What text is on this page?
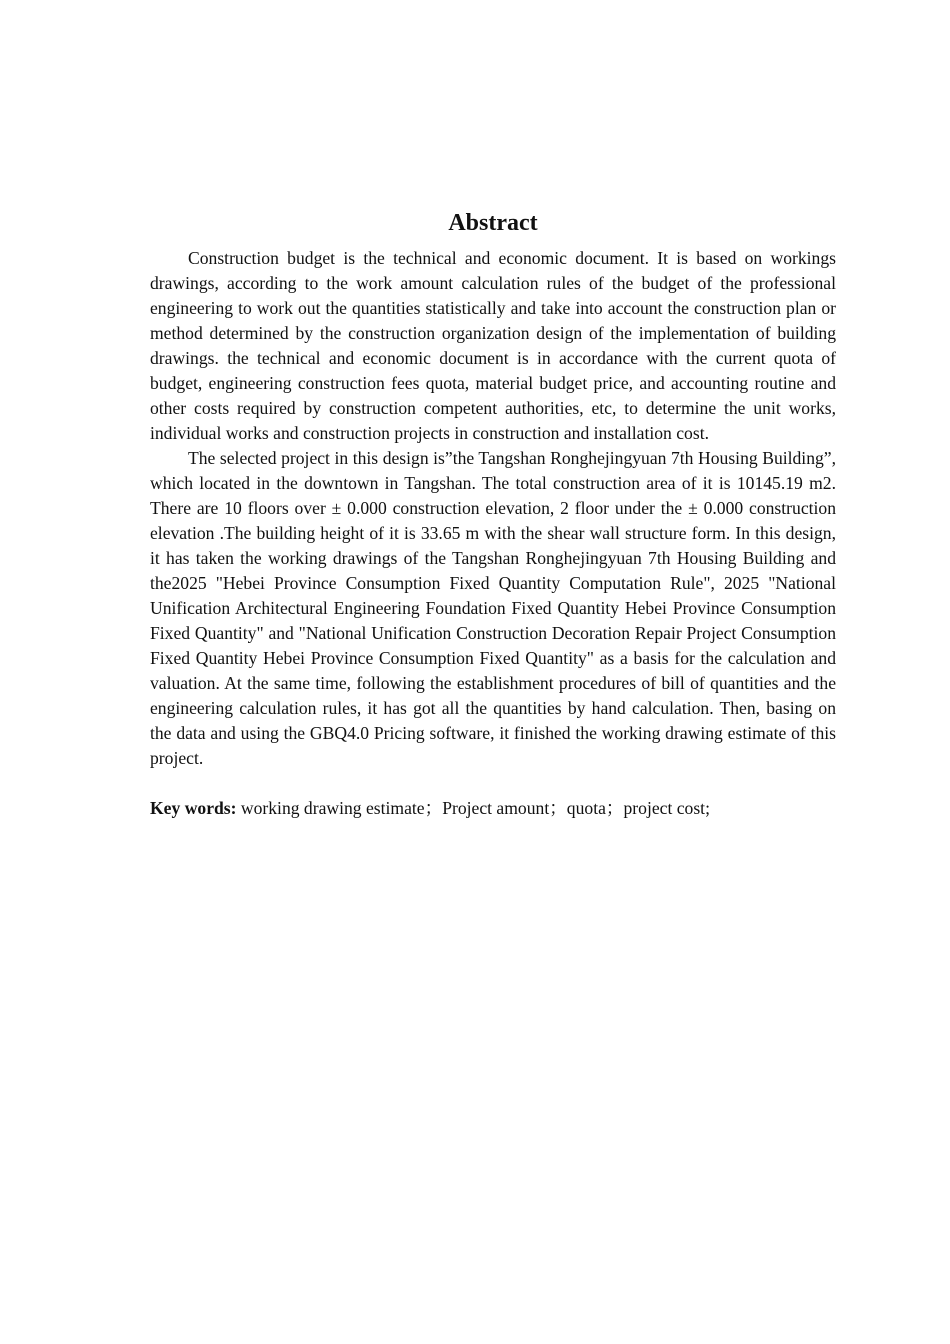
Abstract

Construction budget is the technical and economic document. It is based on workings drawings, according to the work amount calculation rules of the budget of the professional engineering to work out the quantities statistically and take into account the construction plan or method determined by the construction organization design of the implementation of building drawings. the technical and economic document is in accordance with the current quota of budget, engineering construction fees quota, material budget price, and accounting routine and other costs required by construction competent authorities, etc, to determine the unit works, individual works and construction projects in construction and installation cost.

The selected project in this design is”the Tangshan Ronghejingyuan 7th Housing Building”, which located in the downtown in Tangshan. The total construction area of it is 10145.19 m2. There are 10 floors over ± 0.000 construction elevation, 2 floor under the ± 0.000 construction elevation .The building height of it is 33.65 m with the shear wall structure form. In this design, it has taken the working drawings of the Tangshan Ronghejingyuan 7th Housing Building and the2025 "Hebei Province Consumption Fixed Quantity Computation Rule", 2025 "National Unification Architectural Engineering Foundation Fixed Quantity Hebei Province Consumption Fixed Quantity" and "National Unification Construction Decoration Repair Project Consumption Fixed Quantity Hebei Province Consumption Fixed Quantity" as a basis for the calculation and valuation. At the same time, following the establishment procedures of bill of quantities and the engineering calculation rules, it has got all the quantities by hand calculation. Then, basing on the data and using the GBQ4.0 Pricing software, it finished the working drawing estimate of this project.

Key words: working drawing estimate；Project amount；quota；project cost;
